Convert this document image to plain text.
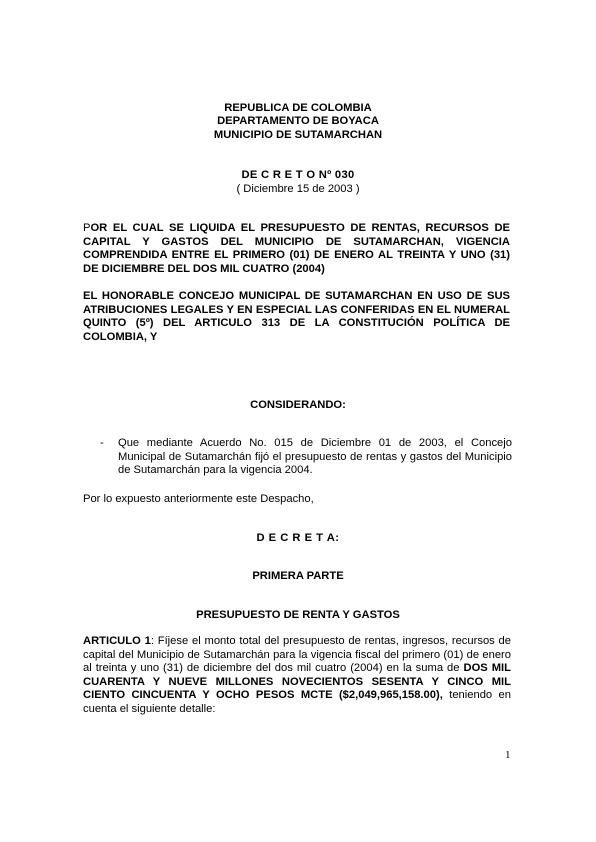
REPUBLICA DE COLOMBIA
DEPARTAMENTO DE BOYACA
MUNICIPIO DE SUTAMARCHAN
DE C R E T O Nº 030
( Diciembre 15 de 2003 )
POR EL CUAL SE LIQUIDA EL PRESUPUESTO DE RENTAS, RECURSOS DE CAPITAL Y GASTOS DEL MUNICIPIO DE SUTAMARCHAN, VIGENCIA COMPRENDIDA ENTRE EL PRIMERO (01) DE ENERO AL TREINTA Y UNO (31) DE DICIEMBRE DEL DOS MIL CUATRO (2004)
EL HONORABLE CONCEJO MUNICIPAL DE SUTAMARCHAN EN USO DE SUS ATRIBUCIONES LEGALES Y EN ESPECIAL LAS CONFERIDAS EN EL NUMERAL QUINTO (5º) DEL ARTICULO 313 DE LA CONSTITUCIÓN POLÍTICA DE COLOMBIA, Y
CONSIDERANDO:
- Que mediante Acuerdo No. 015 de Diciembre 01 de 2003, el Concejo Municipal de Sutamarchán fijó el presupuesto de rentas y gastos del Municipio de Sutamarchán para la vigencia 2004.
Por lo expuesto anteriormente este Despacho,
D E C R E T A:
PRIMERA PARTE
PRESUPUESTO DE RENTA Y GASTOS
ARTICULO 1: Fíjese el monto total del presupuesto de rentas, ingresos, recursos de capital del Municipio de Sutamarchán para la vigencia fiscal del primero (01) de enero al treinta y uno (31) de diciembre del dos mil cuatro (2004) en la suma de DOS MIL CUARENTA Y NUEVE MILLONES NOVECIENTOS SESENTA Y CINCO MIL CIENTO CINCUENTA Y OCHO PESOS MCTE ($2,049,965,158.00), teniendo en cuenta el siguiente detalle:
1
